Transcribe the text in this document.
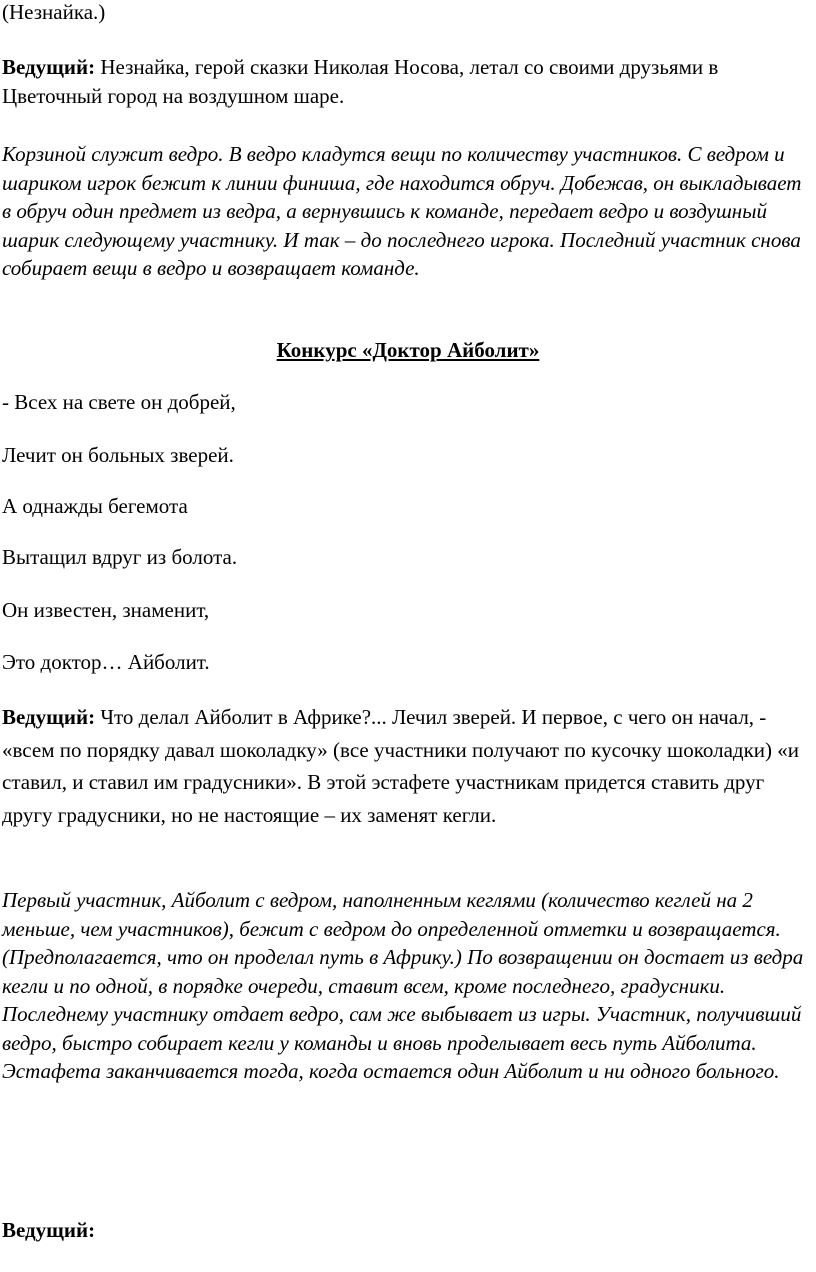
(Незнайка.)

Ведущий: Незнайка, герой сказки Николая Носова, летал со своими друзьями в Цветочный город на воздушном шаре.

Корзиной служит ведро. В ведро кладутся вещи по количеству участников. С ведром и шариком игрок бежит к линии финиша, где находится обруч. Добежав, он выкладывает в обруч один предмет из ведра, а вернувшись к команде, передает ведро и воздушный шарик следующему участнику. И так – до последнего игрока. Последний участник снова собирает вещи в ведро и возвращает команде.

Конкурс «Доктор Айболит»

- Всех на свете он добрей,

Лечит он больных зверей.

А однажды бегемота

Вытащил вдруг из болота.

Он известен, знаменит,

Это доктор… Айболит.

Ведущий: Что делал Айболит в Африке?... Лечил зверей. И первое, с чего он начал, - «всем по порядку давал шоколадку» (все участники получают по кусочку шоколадки) «и ставил, и ставил им градусники». В этой эстафете участникам придется ставить друг другу градусники, но не настоящие – их заменят кегли.

Первый участник, Айболит с ведром, наполненным кеглями (количество кеглей на 2 меньше, чем участников), бежит с ведром до определенной отметки и возвращается. (Предполагается, что он проделал путь в Африку.) По возвращении он достает из ведра кегли и по одной, в порядке очереди, ставит всем, кроме последнего, градусники. Последнему участнику отдает ведро, сам же выбывает из игры. Участник, получивший ведро, быстро собирает кегли у команды и вновь проделывает весь путь Айболита. Эстафета заканчивается тогда, когда остается один Айболит и ни одного больного.

Ведущий:
